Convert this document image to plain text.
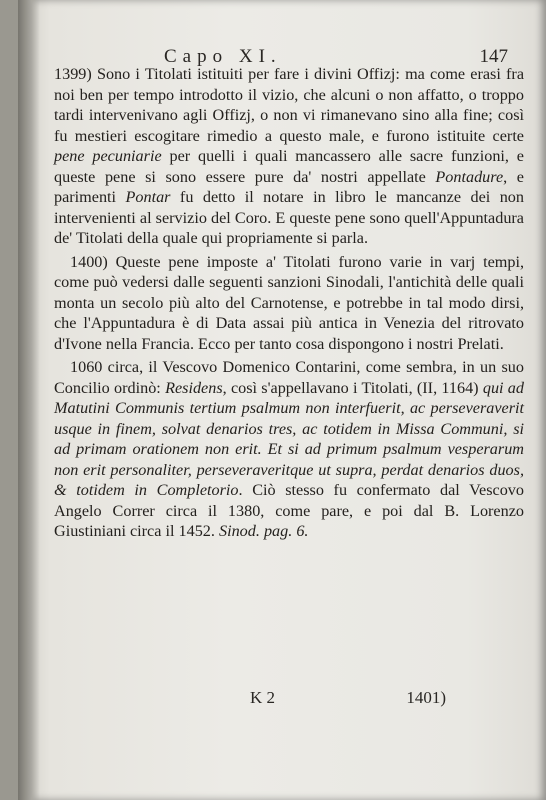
Capo XI.	147

1399) Sono i Titolati istituiti per fare i divini Offizj: ma come erasi fra noi ben per tempo introdotto il vizio, che alcuni o non affatto, o troppo tardi intervenivano agli Offizj, o non vi rimanevano sino alla fine; così fu mestieri escogitare rimedio a questo male, e furono istituite certe pene pecuniarie per quelli i quali mancassero alle sacre funzioni, e queste pene si sono essere pure da' nostri appellate Pontadure, e parimenti Pontar fu detto il notare in libro le mancanze dei non intervenienti al servizio del Coro. E queste pene sono quell'Appuntadura de' Titolati della quale qui propriamente si parla.

1400) Queste pene imposte a' Titolati furono varie in varj tempi, come può vedersi dalle seguenti sanzioni Sinodali, l'antichità delle quali monta un secolo più alto del Carnotense, e potrebbe in tal modo dirsi, che l'Appuntadura è di Data assai più antica in Venezia del ritrovato d'Ivone nella Francia. Ecco per tanto cosa dispongono i nostri Prelati.

1060 circa, il Vescovo Domenico Contarini, come sembra, in un suo Concilio ordinò: Residens, così s'appellavano i Titolati, (II, 1164) qui ad Matutini Communis tertium psalmum non interfuerit, ac perseveraverit usque in finem, solvat denarios tres, ac totidem in Missa Communi, si ad primam orationem non erit. Et si ad primum psalmum vesperarum non erit personaliter, perseveraveritque ut supra, perdat denarios duos, & totidem in Completorio. Ciò stesso fu confermato dal Vescovo Angelo Correr circa il 1380, come pare, e poi dal B. Lorenzo Giustiniani circa il 1452. Sinod. pag. 6.

K 2	1401)
